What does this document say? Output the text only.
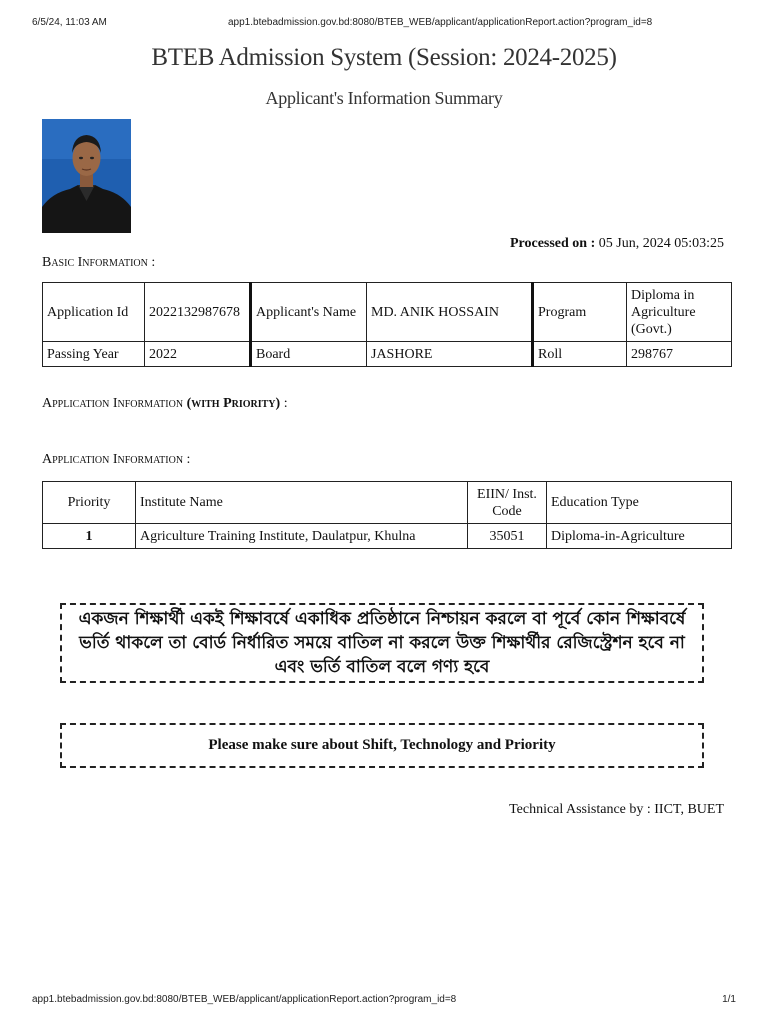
6/5/24, 11:03 AM	app1.btebadmission.gov.bd:8080/BTEB_WEB/applicant/applicationReport.action?program_id=8
BTEB Admission System (Session: 2024-2025)
Applicant's Information Summary
Processed on : 05 Jun, 2024 05:03:25
Basic Information :
Application Id	2022132987678	Applicant's Name	MD. ANIK HOSSAIN	Program	Diploma in Agriculture (Govt.)
Passing Year	2022	Board	JASHORE	Roll	298767
Application Information (with Priority) :
Application Information :
Priority	Institute Name	EIIN/ Inst. Code	Education Type
1	Agriculture Training Institute, Daulatpur, Khulna	35051	Diploma-in-Agriculture
একজন শিক্ষার্থী একই শিক্ষাবর্ষে একাধিক প্রতিষ্ঠানে নিশ্চায়ন করলে বা পূর্বে কোন শিক্ষাবর্ষে ভর্তি থাকলে তা বোর্ড নির্ধারিত সময়ে বাতিল না করলে উক্ত শিক্ষার্থীর রেজিস্ট্রেশন হবে না এবং ভর্তি বাতিল বলে গণ্য হবে
Please make sure about Shift, Technology and Priority
Technical Assistance by : IICT, BUET
app1.btebadmission.gov.bd:8080/BTEB_WEB/applicant/applicationReport.action?program_id=8	1/1
